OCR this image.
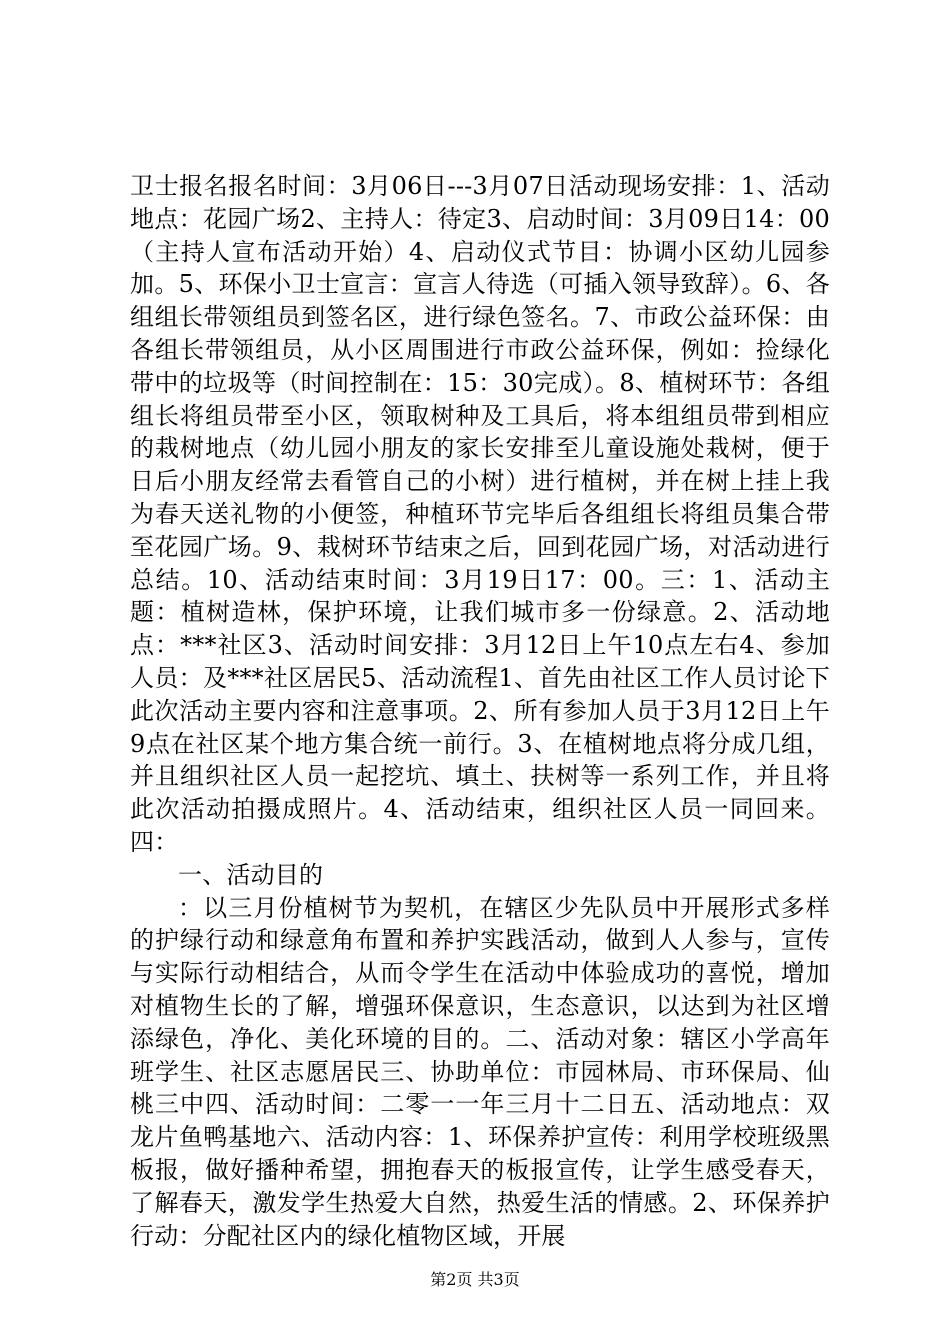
卫士报名报名时间：3月06日---3月07日活动现场安排：1、活动地点：花园广场2、主持人：待定3、启动时间：3月09日14：00（主持人宣布活动开始）4、启动仪式节目：协调小区幼儿园参加。5、环保小卫士宣言：宣言人待选（可插入领导致辞）。6、各组组长带领组员到签名区，进行绿色签名。7、市政公益环保：由各组长带领组员，从小区周围进行市政公益环保，例如：捡绿化带中的垃圾等（时间控制在：15：30完成）。8、植树环节：各组组长将组员带至小区，领取树种及工具后，将本组组员带到相应的栽树地点（幼儿园小朋友的家长安排至儿童设施处栽树，便于日后小朋友经常去看管自己的小树）进行植树，并在树上挂上我为春天送礼物的小便签，种植环节完毕后各组组长将组员集合带至花园广场。9、栽树环节结束之后，回到花园广场，对活动进行总结。10、活动结束时间：3月19日17：00。三：1、活动主题：植树造林，保护环境，让我们城市多一份绿意。2、活动地点：***社区3、活动时间安排：3月12日上午10点左右4、参加人员：及***社区居民5、活动流程1、首先由社区工作人员讨论下此次活动主要内容和注意事项。2、所有参加人员于3月12日上午9点在社区某个地方集合统一前行。3、在植树地点将分成几组，并且组织社区人员一起挖坑、填土、扶树等一系列工作，并且将此次活动拍摄成照片。4、活动结束，组织社区人员一同回来。四：

一、活动目的

：以三月份植树节为契机，在辖区少先队员中开展形式多样的护绿行动和绿意角布置和养护实践活动，做到人人参与，宣传与实际行动相结合，从而令学生在活动中体验成功的喜悦，增加对植物生长的了解，增强环保意识，生态意识，以达到为社区增添绿色，净化、美化环境的目的。二、活动对象：辖区小学高年班学生、社区志愿居民三、协助单位：市园林局、市环保局、仙桃三中四、活动时间：二零一一年三月十二日五、活动地点：双龙片鱼鸭基地六、活动内容：1、环保养护宣传：利用学校班级黑板报，做好播种希望，拥抱春天的板报宣传，让学生感受春天，了解春天，激发学生热爱大自然，热爱生活的情感。2、环保养护行动：分配社区内的绿化植物区域，开展

第2页 共3页
